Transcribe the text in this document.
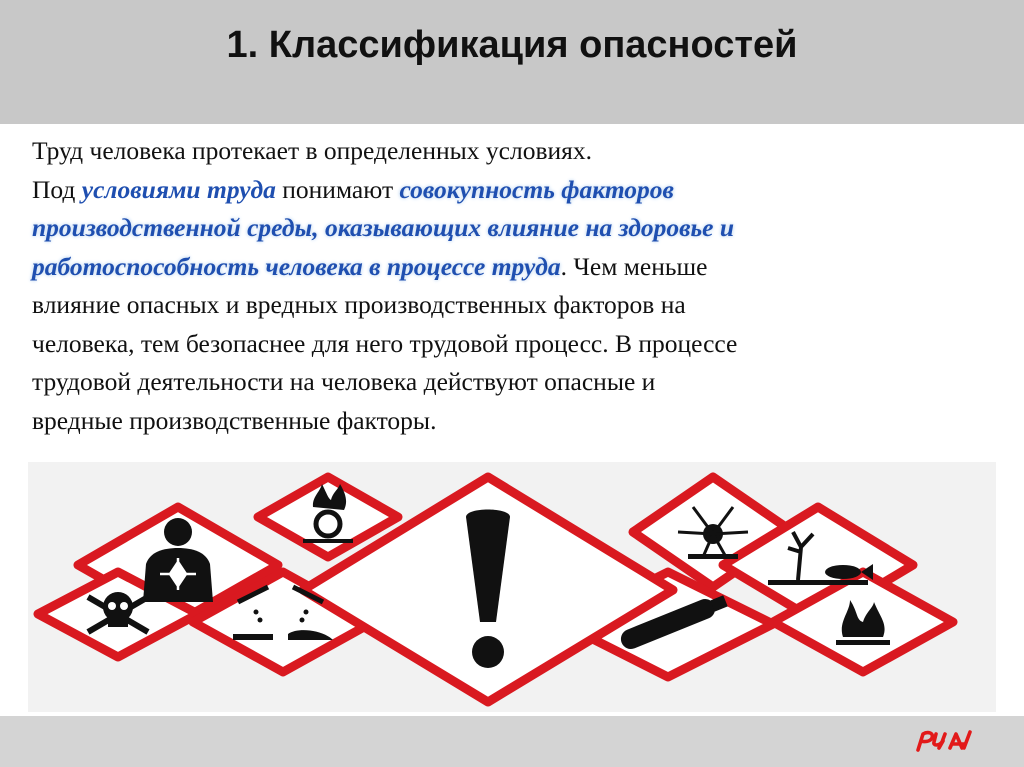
1. Классификация опасностей
Труд человека протекает в определенных условиях.
Под условиями труда понимают совокупность факторов
производственной среды, оказывающих влияние на здоровье и
работоспособность человека в процессе труда. Чем меньше
влияние опасных и вредных производственных факторов на
человека, тем безопаснее для него трудовой процесс. В процессе
трудовой деятельности на человека действуют опасные и
вредные производственные факторы.
